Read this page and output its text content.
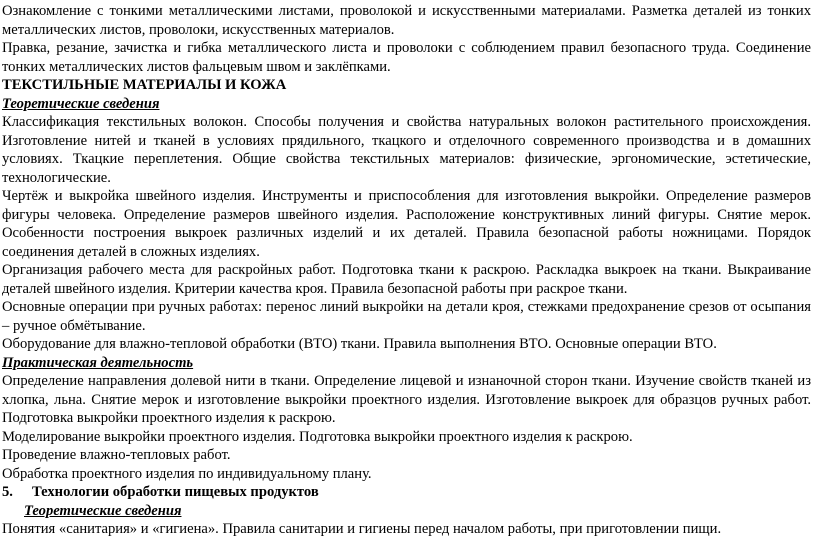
Ознакомление с тонкими металлическими листами, проволокой и искусственными материалами. Разметка деталей из тонких металлических листов, проволоки, искусственных материалов.

Правка, резание, зачистка и гибка металлического листа и проволоки с соблюдением правил безопасного труда. Соединение тонких металлических листов фальцевым швом и заклёпками.

ТЕКСТИЛЬНЫЕ МАТЕРИАЛЫ И КОЖА

Теоретические сведения

Классификация текстильных волокон. Способы получения и свойства натуральных волокон растительного происхождения. Изготовление нитей и тканей в условиях прядильного, ткацкого и отделочного современного производства и в домашних условиях. Ткацкие переплетения. Общие свойства текстильных материалов: физические, эргономические, эстетические, технологические.

Чертёж и выкройка швейного изделия. Инструменты и приспособления для изготовления выкройки. Определение размеров фигуры человека. Определение размеров швейного изделия. Расположение конструктивных линий фигуры. Снятие мерок. Особенности построения выкроек различных изделий и их деталей. Правила безопасной работы ножницами. Порядок соединения деталей в сложных изделиях.

Организация рабочего места для раскройных работ. Подготовка ткани к раскрою. Раскладка выкроек на ткани. Выкраивание деталей швейного изделия. Критерии качества кроя. Правила безопасной работы при раскрое ткани.

Основные операции при ручных работах: перенос линий выкройки на детали кроя, стежками предохранение срезов от осыпания – ручное обмётывание.

Оборудование для влажно-тепловой обработки (ВТО) ткани. Правила выполнения ВТО. Основные операции ВТО.

Практическая деятельность

Определение направления долевой нити в ткани. Определение лицевой и изнаночной сторон ткани. Изучение свойств тканей из хлопка, льна. Снятие мерок и изготовление выкройки проектного изделия. Изготовление выкроек для образцов ручных работ. Подготовка выкройки проектного изделия к раскрою.

Моделирование выкройки проектного изделия. Подготовка выкройки проектного изделия к раскрою.

Проведение влажно-тепловых работ.

Обработка проектного изделия по индивидуальному плану.

5. Технологии обработки пищевых продуктов

Теоретические сведения

Понятия «санитария» и «гигиена». Правила санитарии и гигиены перед началом работы, при приготовлении пищи.
